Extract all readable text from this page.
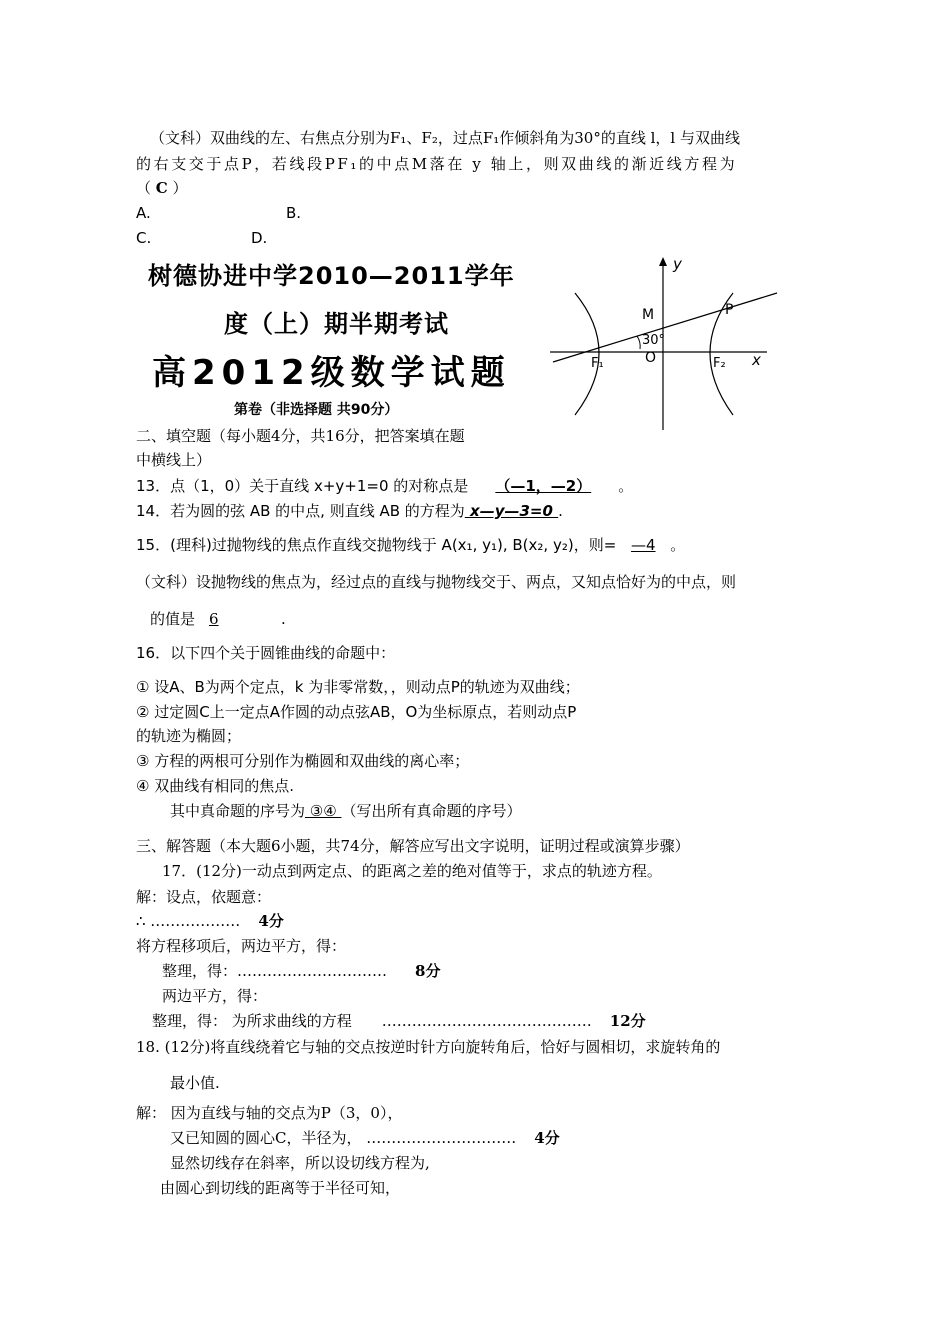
（文科）双曲线的左、右焦点分别为F₁、F₂，过点F₁作倾斜角为30°的直线 l，l 与双曲线
的右支交于点P，若线段PF₁的中点M落在 y 轴上，则双曲线的渐近线方程为
（ C ）
A.	B.
C.	D.
树德协进中学2010—2011学年
度（上）期半期考试
高2012级数学试题
第卷（非选择题 共90分）
y
x
M	P
30°
O
F₁	F₂
二、填空题（每小题4分，共16分，把答案填在题
中横线上）
13．点（1，0）关于直线 x+y+1=0 的对称点是 （—1，—2） 。
14．若为圆的弦 AB 的中点, 则直线 AB 的方程为 x—y—3=0 .
15．(理科)过抛物线的焦点作直线交抛物线于 A(x₁, y₁), B(x₂, y₂)，则= —4 。
（文科）设抛物线的焦点为，经过点的直线与抛物线交于、两点，又知点恰好为的中点，则
的值是 6	.
16．以下四个关于圆锥曲线的命题中：
① 设A、B为两个定点，k 为非零常数，，则动点P的轨迹为双曲线；
② 过定圆C上一定点A作圆的动点弦AB，O为坐标原点，若则动点P
的轨迹为椭圆；
③ 方程的两根可分别作为椭圆和双曲线的离心率；
④ 双曲线有相同的焦点.
其中真命题的序号为 ③④ （写出所有真命题的序号）
三、解答题（本大题6小题，共74分，解答应写出文字说明，证明过程或演算步骤）
17．(12分)一动点到两定点、的距离之差的绝对值等于，求点的轨迹方程。
解：设点，依题意：
∴ ……………… 4分
将方程移项后，两边平方，得：
整理，得：………………………… 8分
两边平方，得：
整理，得： 为所求曲线的方程 …………………………………… 12分
18. (12分)将直线绕着它与轴的交点按逆时针方向旋转角后，恰好与圆相切，求旋转角的
最小值.
解： 因为直线与轴的交点为P（3，0），
又已知圆的圆心C，半径为， ………………………… 4分
显然切线存在斜率，所以设切线方程为,
由圆心到切线的距离等于半径可知，
